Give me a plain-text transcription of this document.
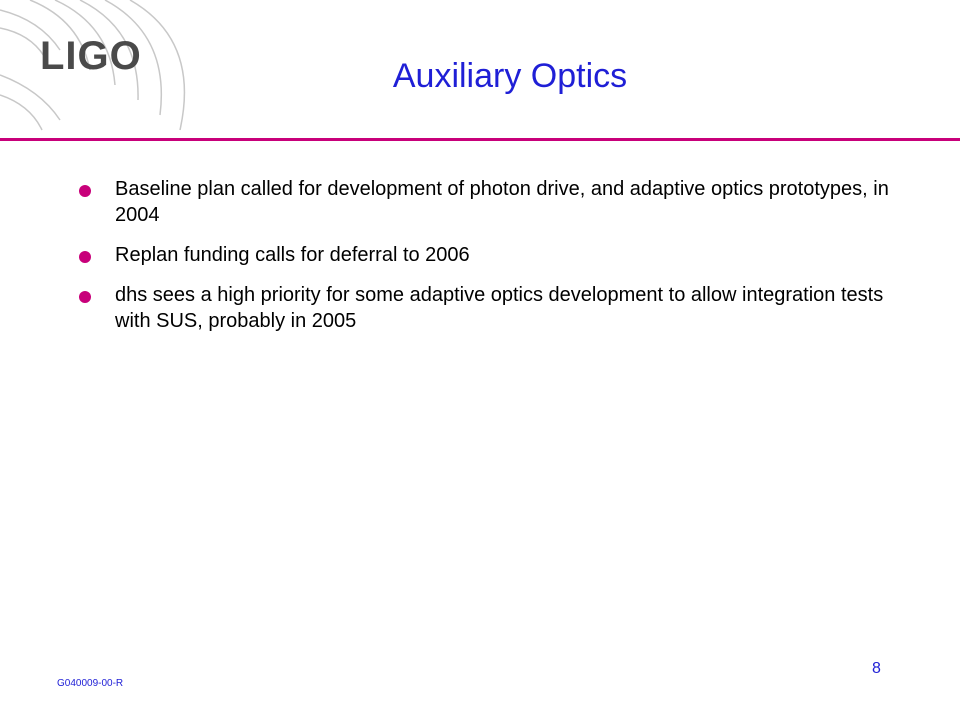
LIGO	Auxiliary Optics
Baseline plan called for development of photon drive, and adaptive optics prototypes, in 2004
Replan funding calls for deferral to 2006
dhs sees a high priority for some adaptive optics development to allow integration tests with SUS, probably in 2005
8
G040009-00-R
